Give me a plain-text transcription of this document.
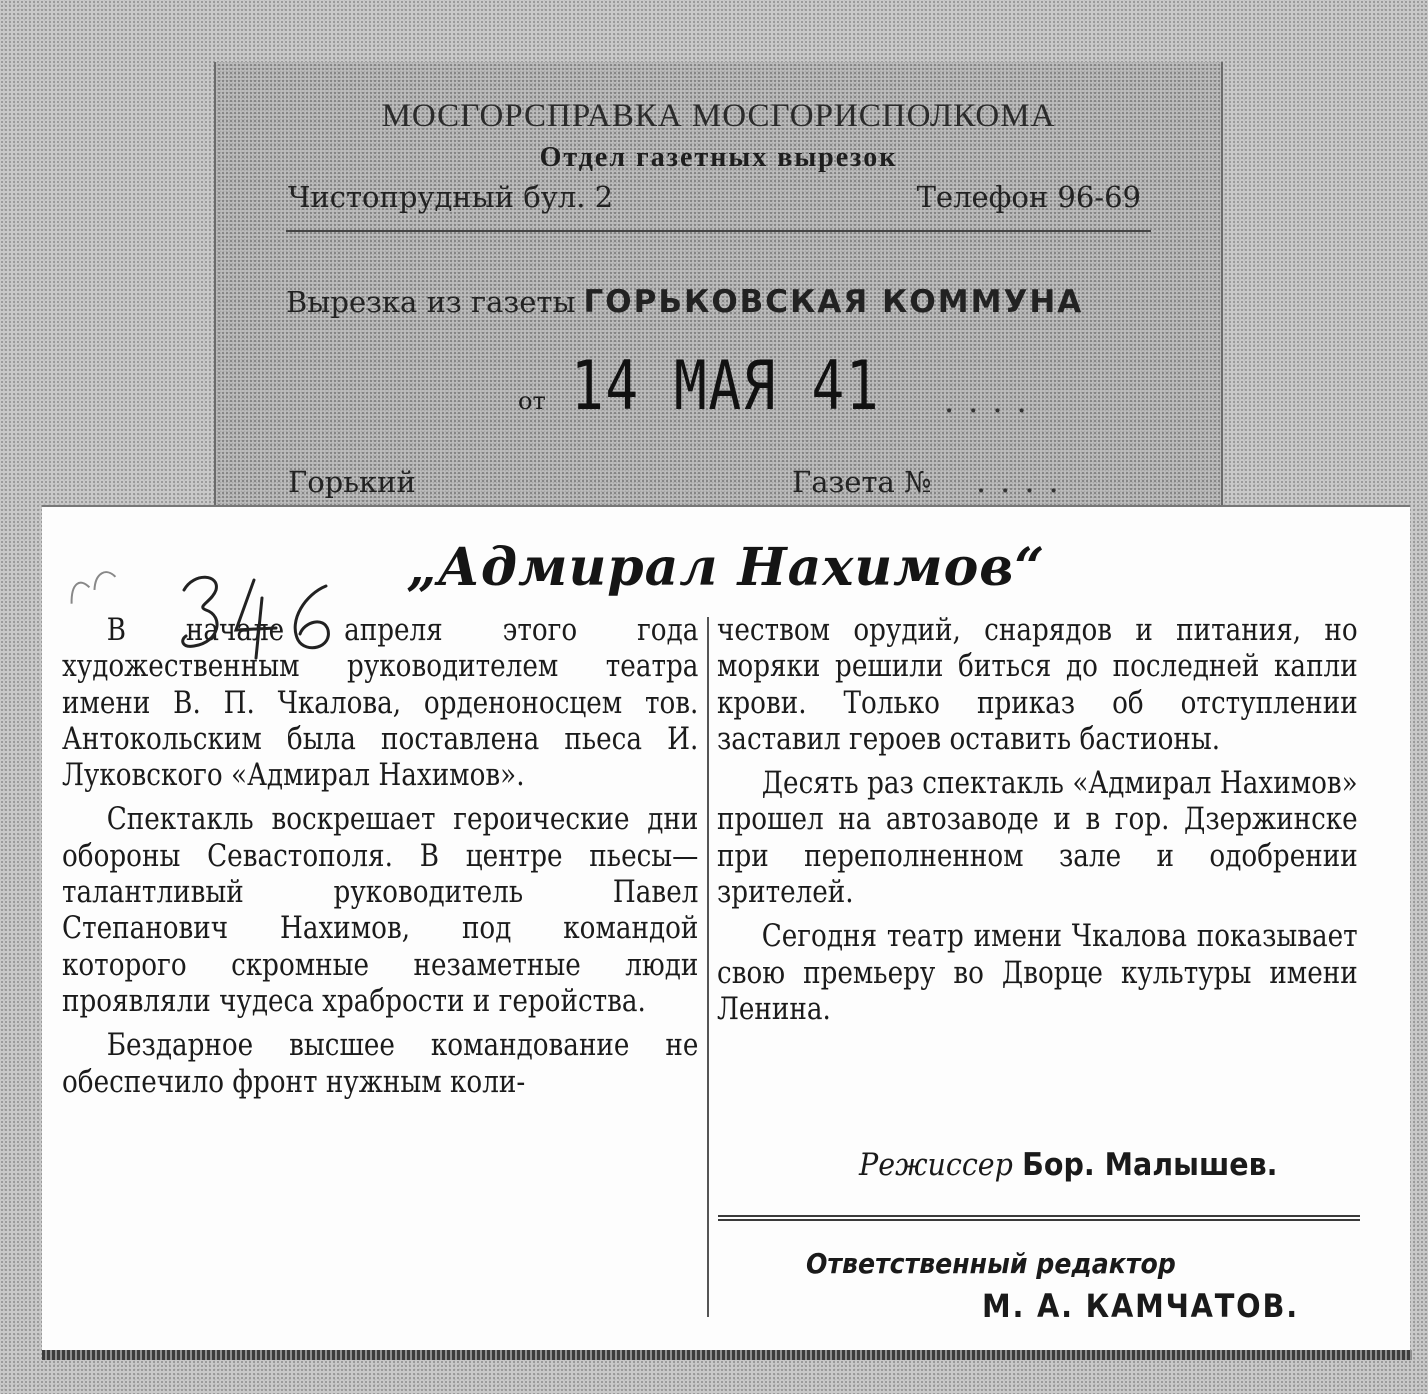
МОСГОРСПРАВКА МОСГОРИСПОЛКОМА
Отдел газетных вырезок
Чистопрудный бул. 2	Телефон 96-69
Вырезка из газеты ГОРЬКОВСКАЯ КОММУНА
от 14 МАЯ 41 ....
Горький	Газета № ....
„Адмирал Нахимов“

В начале апреля этого года художественным руководителем театра имени В. П. Чкалова, орденоносцем тов. Антокольским была поставлена пьеса И. Луковского «Адмирал Нахимов».

Спектакль воскрешает героические дни обороны Севастополя. В центре пьесы—талантливый руководитель Павел Степанович Нахимов, под командой которого скромные незаметные люди проявляли чудеса храбрости и геройства.

Бездарное высшее командование не обеспечило фронт нужным коли-

чеством орудий, снарядов и питания, но моряки решили биться до последней капли крови. Только приказ об отступлении заставил героев оставить бастионы.

Десять раз спектакль «Адмирал Нахимов» прошел на автозаводе и в гор. Дзержинске при переполненном зале и одобрении зрителей.

Сегодня театр имени Чкалова показывает свою премьеру во Дворце культуры имени Ленина.

Режиссер Бор. Малышев.
Ответственный редактор
М. А. КАМЧАТОВ.
